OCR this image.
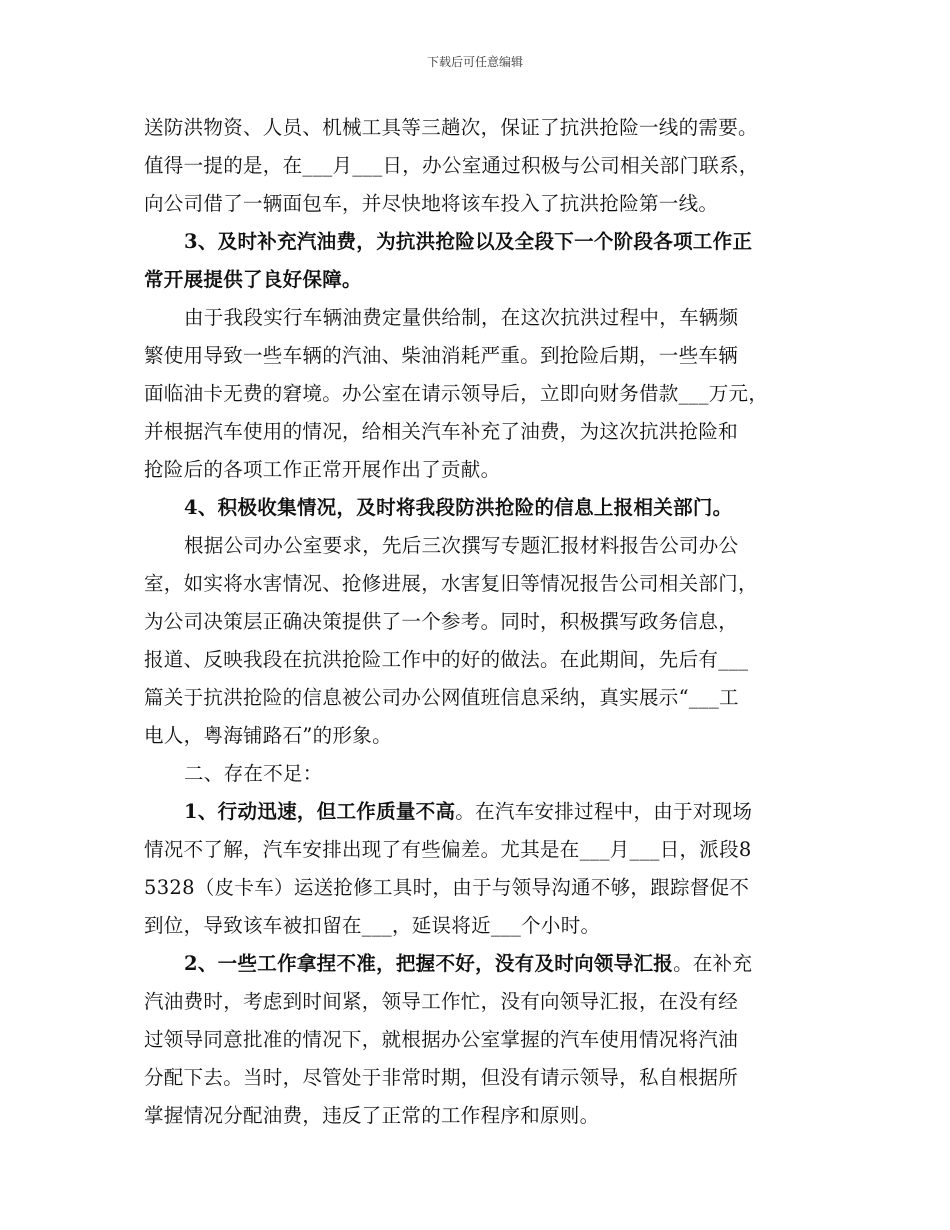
下载后可任意编辑
送防洪物资、人员、机械工具等三趟次，保证了抗洪抢险一线的需要。
值得一提的是，在___月___日，办公室通过积极与公司相关部门联系，
向公司借了一辆面包车，并尽快地将该车投入了抗洪抢险第一线。
3、及时补充汽油费，为抗洪抢险以及全段下一个阶段各项工作正
常开展提供了良好保障。
由于我段实行车辆油费定量供给制，在这次抗洪过程中，车辆频
繁使用导致一些车辆的汽油、柴油消耗严重。到抢险后期，一些车辆
面临油卡无费的窘境。办公室在请示领导后，立即向财务借款___万元，
并根据汽车使用的情况，给相关汽车补充了油费，为这次抗洪抢险和
抢险后的各项工作正常开展作出了贡献。
4、积极收集情况，及时将我段防洪抢险的信息上报相关部门。
根据公司办公室要求，先后三次撰写专题汇报材料报告公司办公
室，如实将水害情况、抢修进展，水害复旧等情况报告公司相关部门，
为公司决策层正确决策提供了一个参考。同时，积极撰写政务信息，
报道、反映我段在抗洪抢险工作中的好的做法。在此期间，先后有___
篇关于抗洪抢险的信息被公司办公网值班信息采纳，真实展示“___工
电人，粤海铺路石”的形象。
二、存在不足：
1、行动迅速，但工作质量不高。在汽车安排过程中，由于对现场
情况不了解，汽车安排出现了有些偏差。尤其是在___月___日，派段8
5328（皮卡车）运送抢修工具时，由于与领导沟通不够，跟踪督促不
到位，导致该车被扣留在___，延误将近___个小时。
2、一些工作拿捏不准，把握不好，没有及时向领导汇报。在补充
汽油费时，考虑到时间紧，领导工作忙，没有向领导汇报，在没有经
过领导同意批准的情况下，就根据办公室掌握的汽车使用情况将汽油
分配下去。当时，尽管处于非常时期，但没有请示领导，私自根据所
掌握情况分配油费，违反了正常的工作程序和原则。
